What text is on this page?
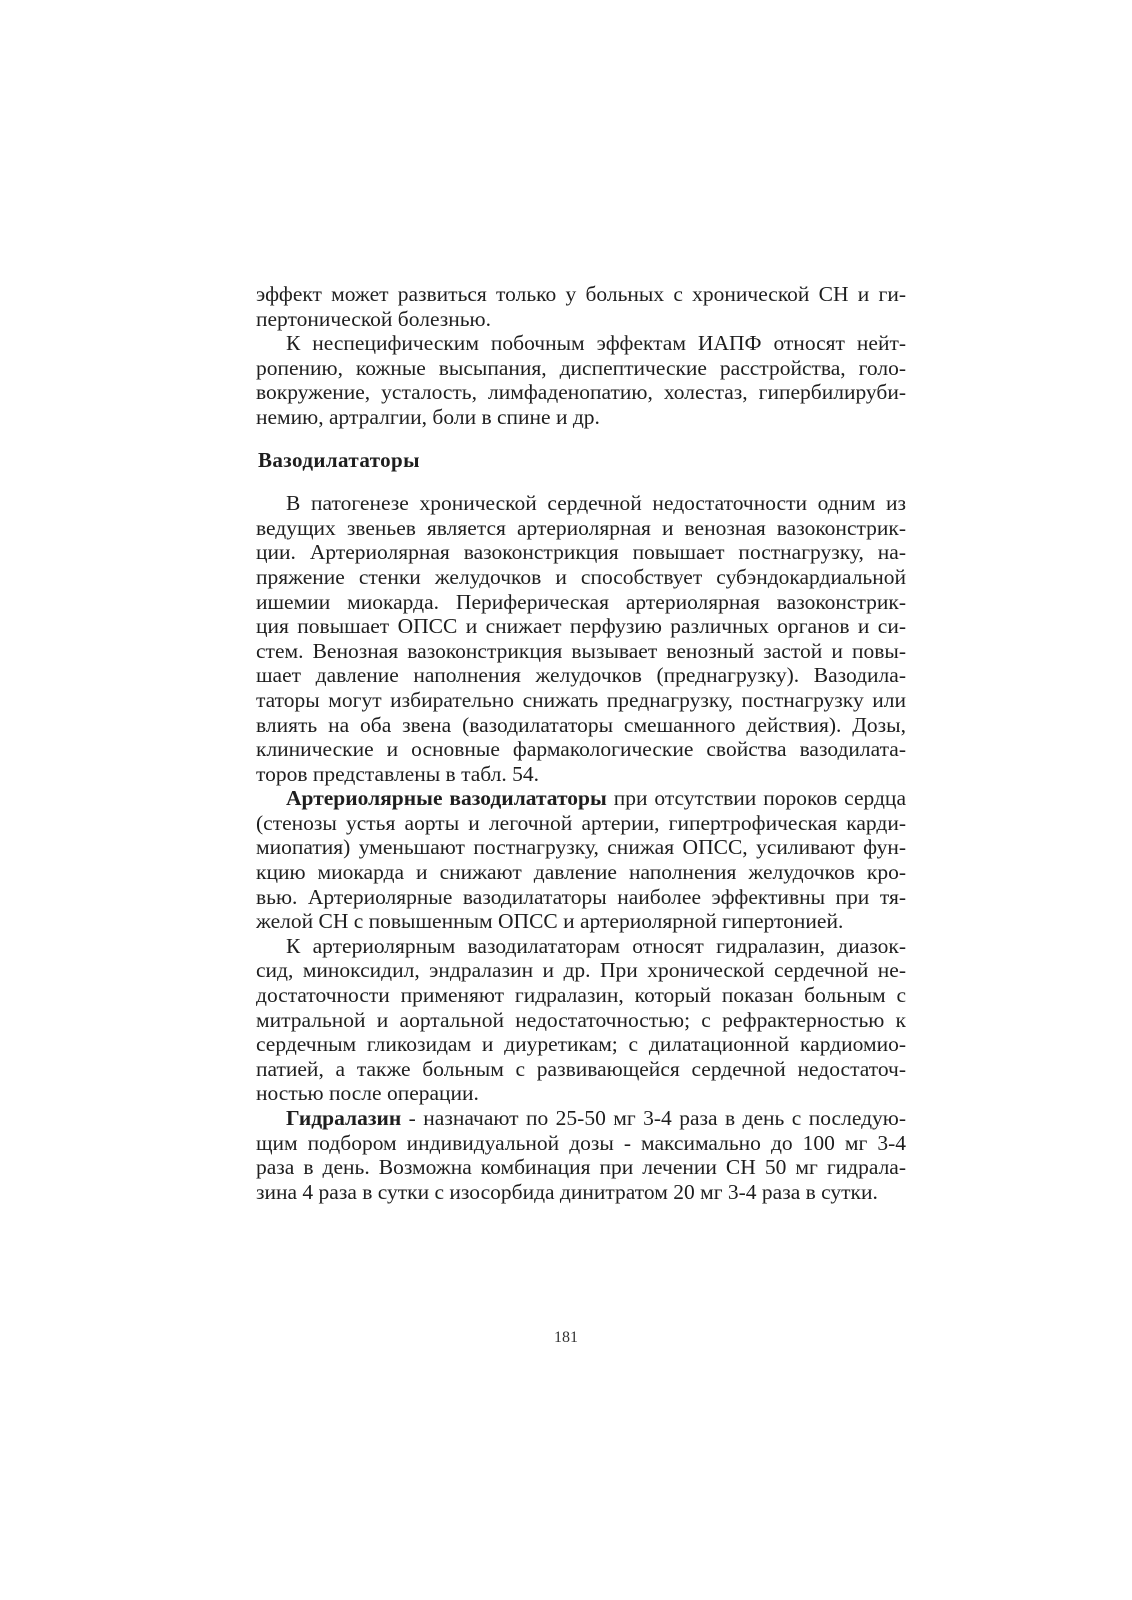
эффект может развиться только у больных с хронической СН и ги-
пертонической болезнью.
К неспецифическим побочным эффектам ИАПФ относят нейт-
ропению, кожные высыпания, диспептические расстройства, голо-
вокружение, усталость, лимфаденопатию, холестаз, гипербилируби-
немию, артралгии, боли в спине и др.
Вазодилататоры
В патогенезе хронической сердечной недостаточности одним из
ведущих звеньев является артериолярная и венозная вазоконстрик-
ции. Артериолярная вазоконстрикция повышает постнагрузку, на-
пряжение стенки желудочков и способствует субэндокардиальной
ишемии миокарда. Периферическая артериолярная вазоконстрик-
ция повышает ОПСС и снижает перфузию различных органов и си-
стем. Венозная вазоконстрикция вызывает венозный застой и повы-
шает давление наполнения желудочков (преднагрузку). Вазодила-
таторы могут избирательно снижать преднагрузку, постнагрузку или
влиять на оба звена (вазодилататоры смешанного действия). Дозы,
клинические и основные фармакологические свойства вазодилата-
торов представлены в табл. 54.
Артериолярные вазодилататоры при отсутствии пороков сердца
(стенозы устья аорты и легочной артерии, гипертрофическая карди-
миопатия) уменьшают постнагрузку, снижая ОПСС, усиливают фун-
кцию миокарда и снижают давление наполнения желудочков кро-
вью. Артериолярные вазодилататоры наиболее эффективны при тя-
желой СН с повышенным ОПСС и артериолярной гипертонией.
К артериолярным вазодилататорам относят гидралазин, диазок-
сид, миноксидил, эндралазин и др. При хронической сердечной не-
достаточности применяют гидралазин, который показан больным с
митральной и аортальной недостаточностью; с рефрактерностью к
сердечным гликозидам и диуретикам; с дилатационной кардиомио-
патией, а также больным с развивающейся сердечной недостаточ-
ностью после операции.
Гидралазин - назначают по 25-50 мг 3-4 раза в день с последую-
щим подбором индивидуальной дозы - максимально до 100 мг 3-4
раза в день. Возможна комбинация при лечении СН 50 мг гидрала-
зина 4 раза в сутки с изосорбида динитратом 20 мг 3-4 раза в сутки.
181
